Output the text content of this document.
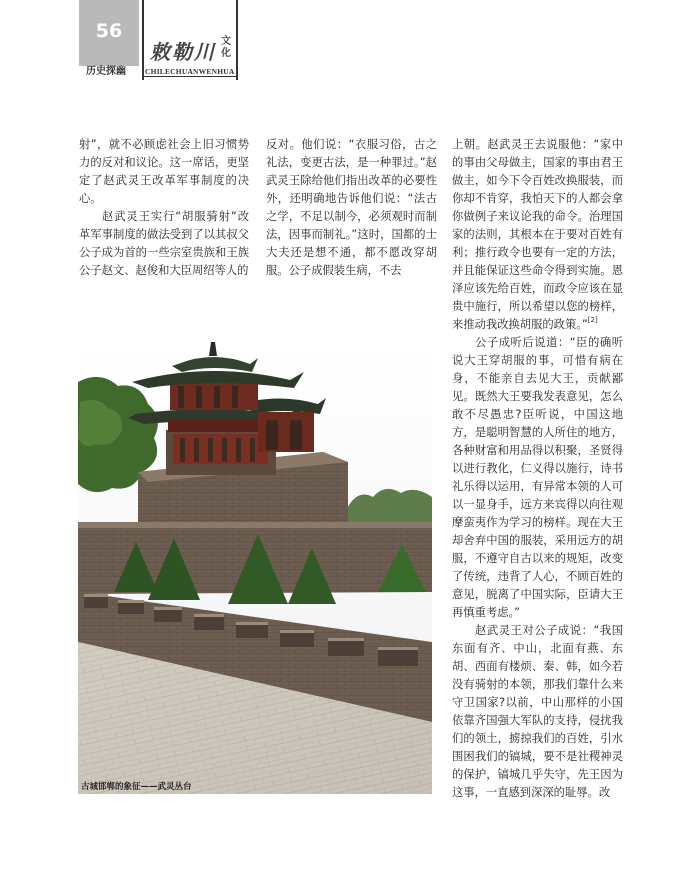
56
历史探幽
敕勒川 文化
CHILECHUANWENHUA

射”，就不必顾虑社会上旧习惯势力的反对和议论。这一席话，更坚定了赵武灵王改革军事制度的决心。

赵武灵王实行“胡服骑射”改革军事制度的做法受到了以其叔父公子成为首的一些宗室贵族和王族公子赵文、赵俊和大臣周绍等人的

反对。他们说：“衣服习俗，古之礼法，变更古法，是一种罪过。”赵武灵王除给他们指出改革的必要性外，还明确地告诉他们说：“法古之学，不足以制今，必须观时而制法，因事而制礼。”这时，国都的士大夫还是想不通，都不愿改穿胡服。公子成假装生病，不去

上朝。赵武灵王去说服他：“家中的事由父母做主，国家的事由君王做主，如今下令百姓改换服装，而你却不肯穿，我怕天下的人都会拿你做例子来议论我的命令。治理国家的法则，其根本在于要对百姓有利；推行政令也要有一定的方法，并且能保证这些命令得到实施。恩泽应该先给百姓，而政令应该在显贵中施行，所以希望以您的榜样，来推动我改换胡服的政策。”[2]

公子成听后说道：“臣的确听说大王穿胡服的事，可惜有病在身，不能亲自去见大王，贡献鄙见。既然大王要我发表意见，怎么敢不尽愚忠?臣听说，中国这地方，是聪明智慧的人所住的地方，各种财富和用品得以积聚，圣贤得以进行教化，仁义得以施行，诗书礼乐得以运用，有异常本领的人可以一显身手，远方来宾得以向往观摩蛮夷作为学习的榜样。现在大王却舍弃中国的服装，采用远方的胡服，不遵守自古以来的规矩，改变了传统，违背了人心，不顾百姓的意见，脱离了中国实际，臣请大王再慎重考虑。”

赵武灵王对公子成说：“我国东面有齐、中山，北面有燕、东胡、西面有楼烦、秦、韩，如今若没有骑射的本领，那我们靠什么来守卫国家?以前，中山那样的小国依靠齐国强大军队的支持，侵扰我们的领土，掳掠我们的百姓，引水围困我们的镐城，要不是社稷神灵的保护，镐城几乎失守，先王因为这事，一直感到深深的耻辱。改

古城邯郸的象征——武灵丛台
